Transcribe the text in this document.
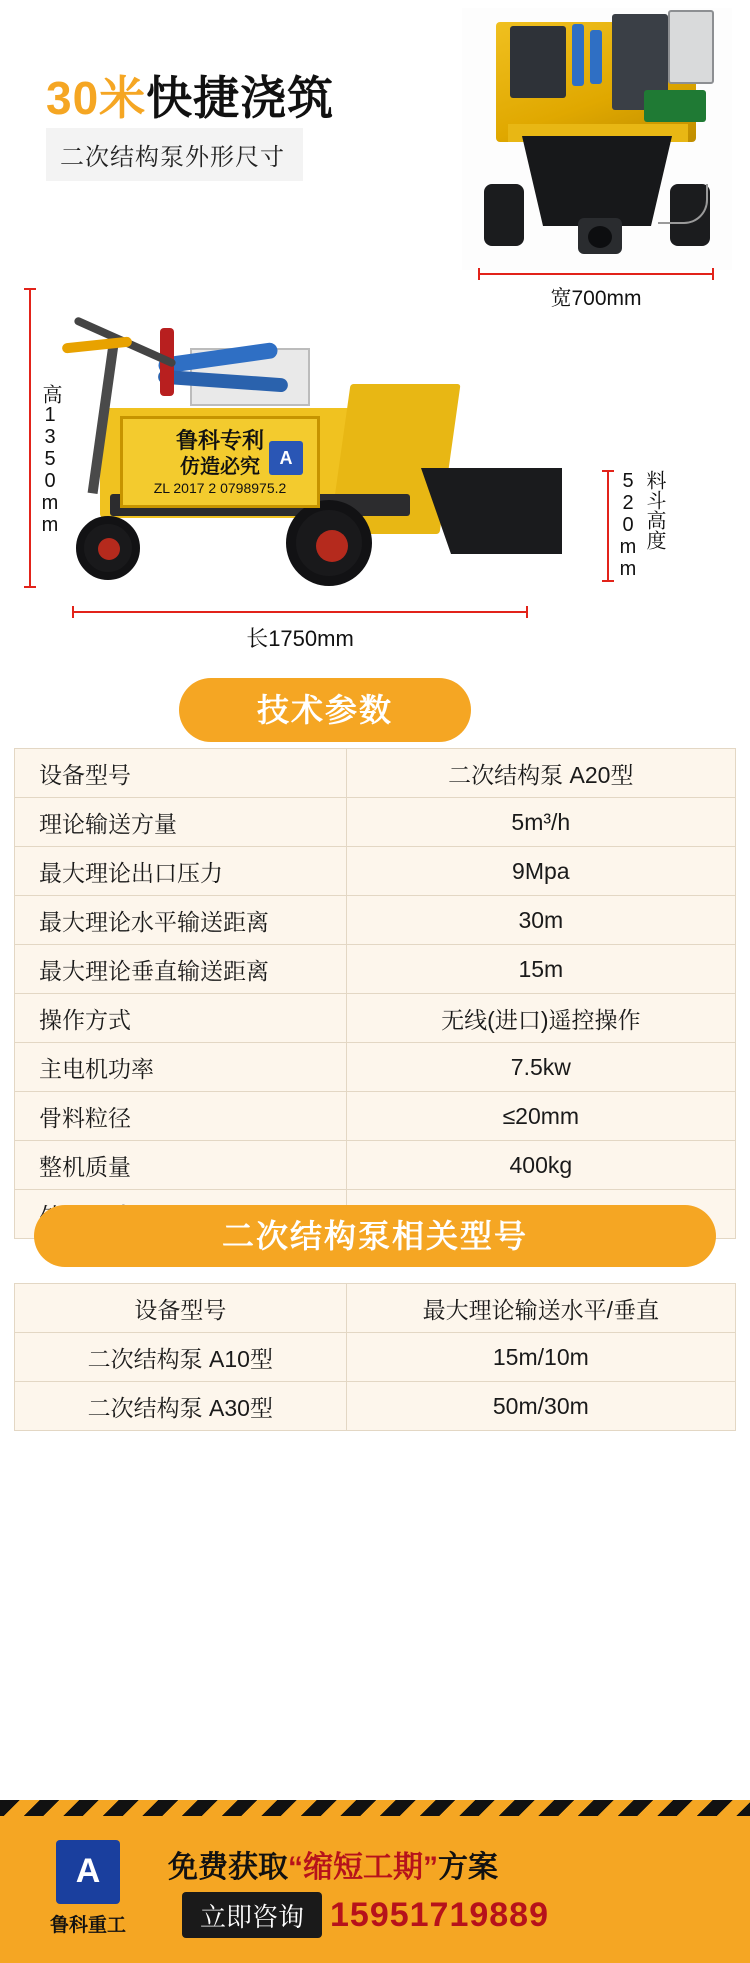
30米快捷浇筑
二次结构泵外形尺寸
宽700mm
鲁科专利
仿造必究
ZL 2017 2 0798975.2
A
高1350mm	520mm 料斗高度
长1750mm
技术参数
设备型号	二次结构泵 A20型
理论输送方量	5m³/h
最大理论出口压力	9Mpa
最大理论水平输送距离	30m
最大理论垂直输送距离	15m
操作方式	无线(进口)遥控操作
主电机功率	7.5kw
骨料粒径	≤20mm
整机质量	400kg

二次结构泵相关型号
设备型号	最大理论输送水平/垂直
二次结构泵 A10型	15m/10m
二次结构泵 A30型	50m/30m
A
鲁科重工
免费获取“缩短工期”方案
立即咨询 15951719889
